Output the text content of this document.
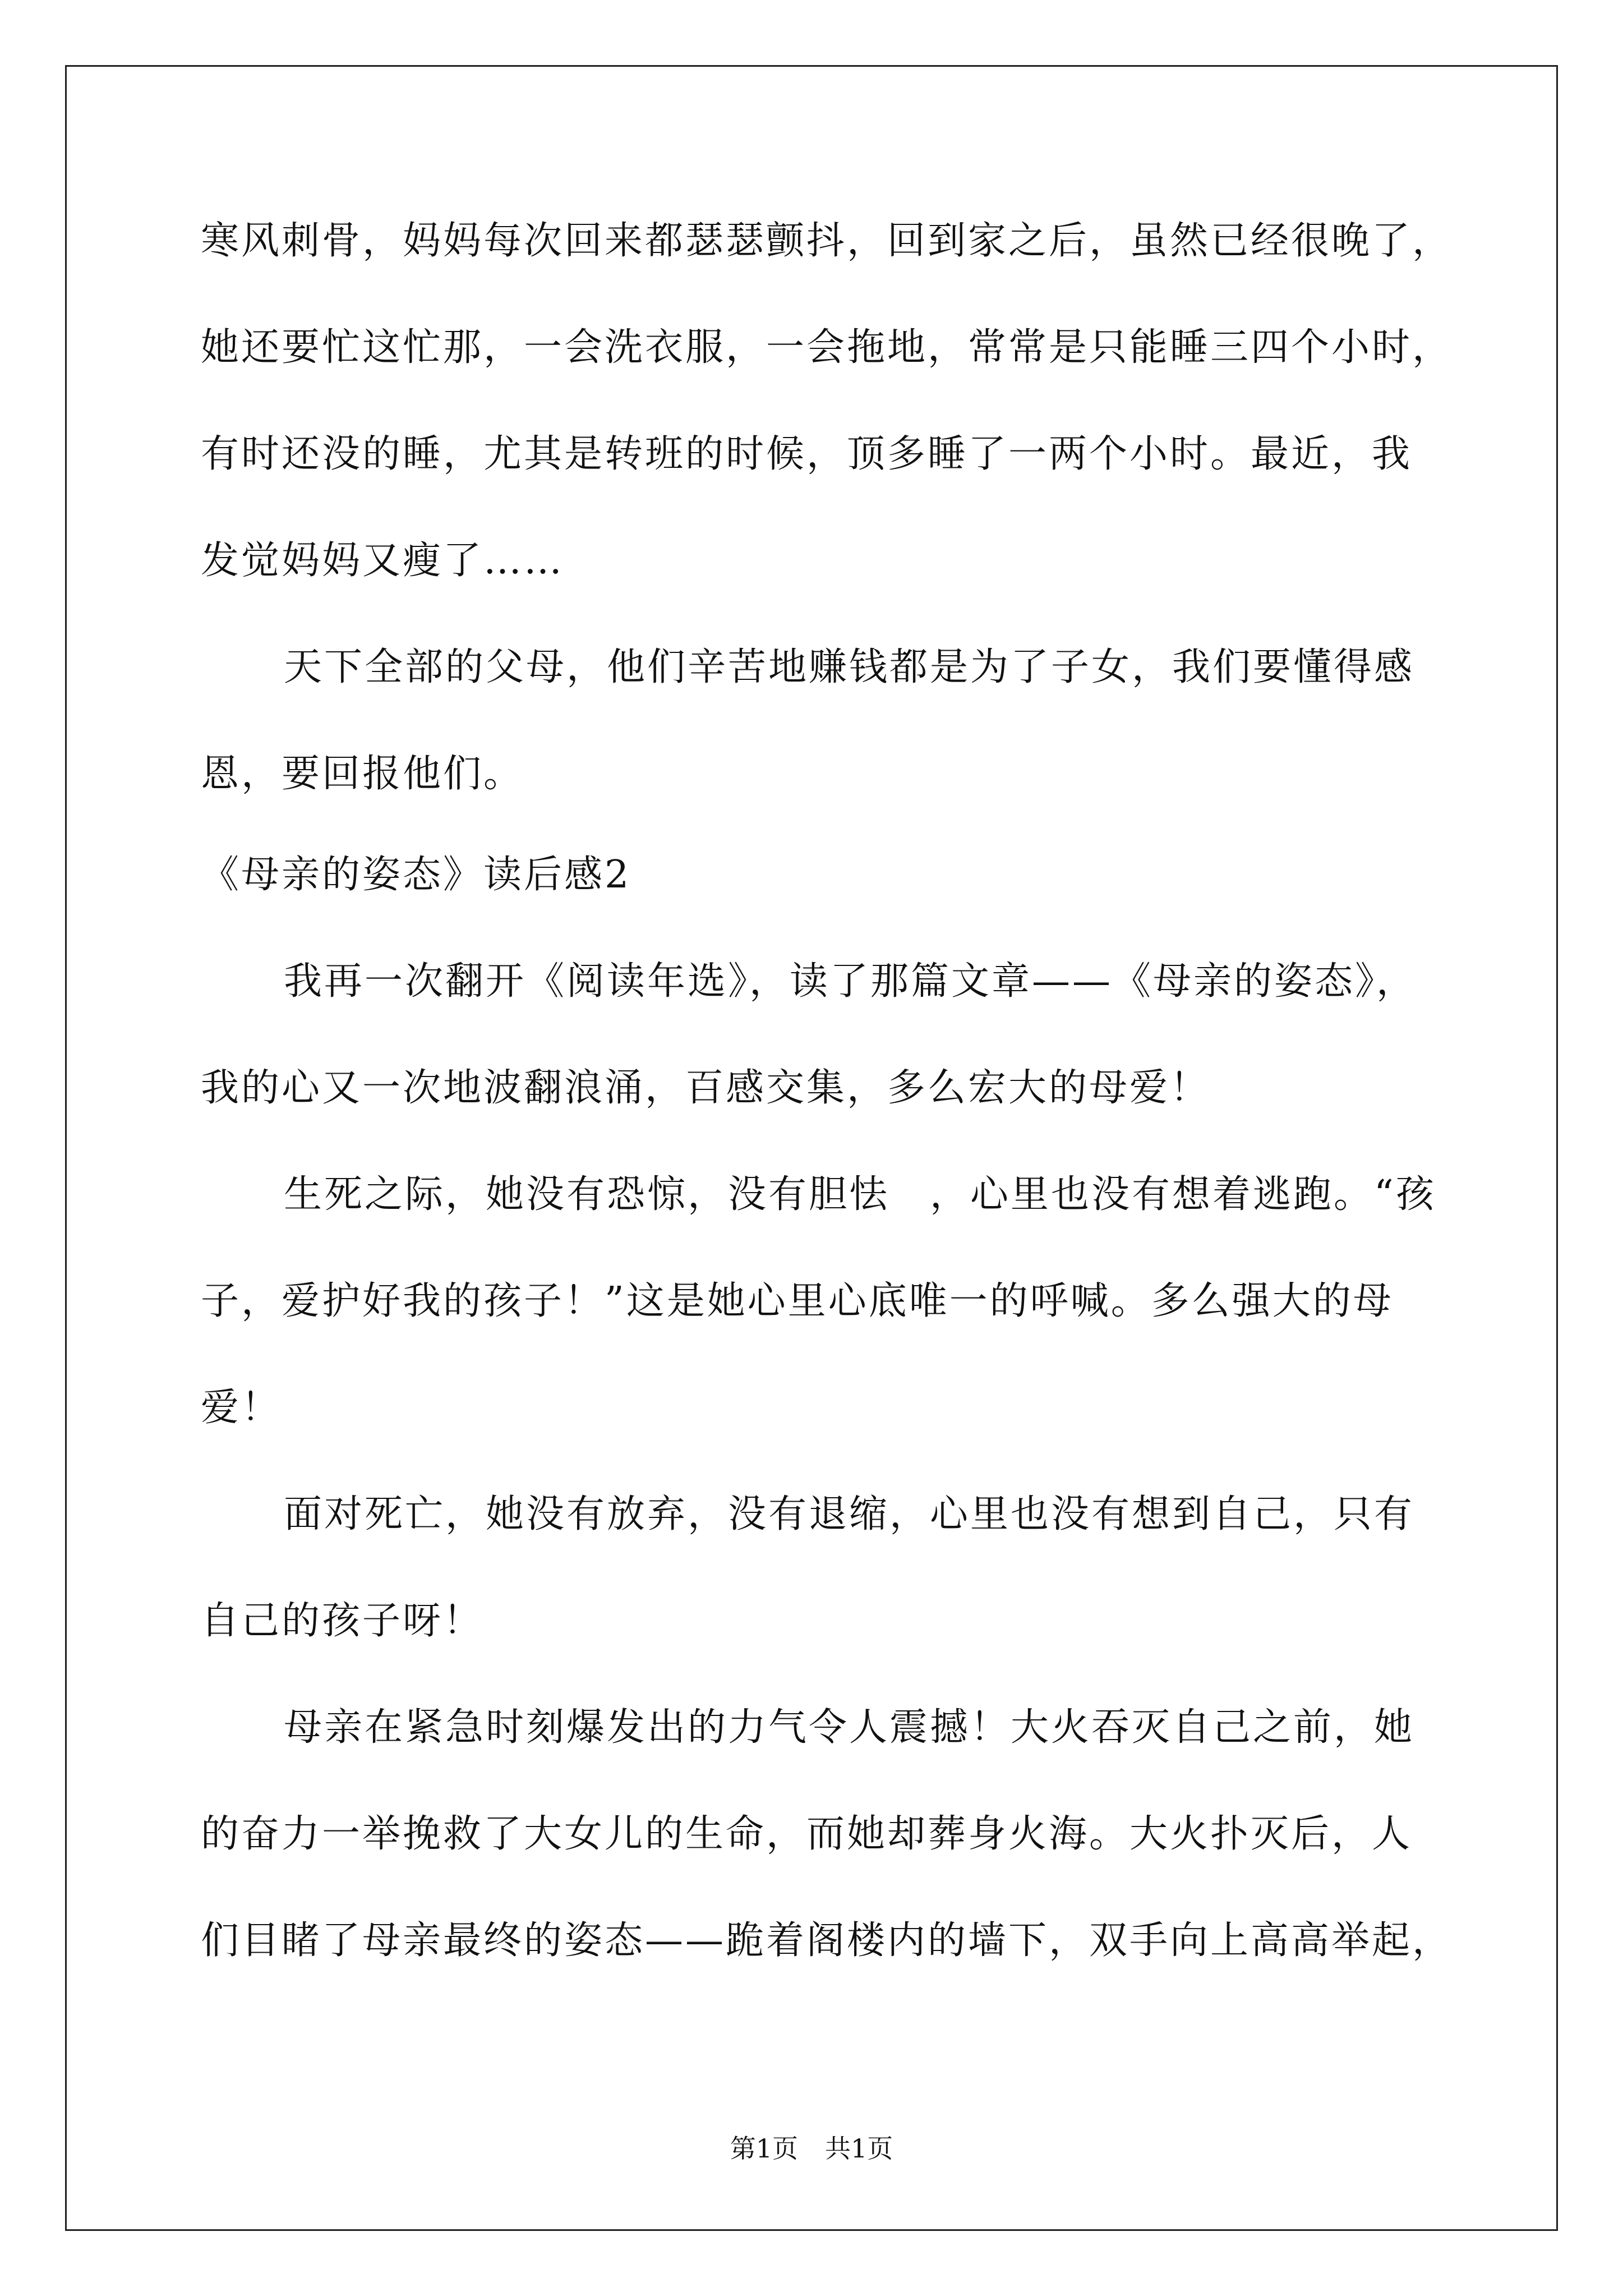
寒风刺骨，妈妈每次回来都瑟瑟颤抖，回到家之后，虽然已经很晚了，
她还要忙这忙那，一会洗衣服，一会拖地，常常是只能睡三四个小时，
有时还没的睡，尤其是转班的时候，顶多睡了一两个小时。最近，我
发觉妈妈又瘦了……
天下全部的父母，他们辛苦地赚钱都是为了子女，我们要懂得感
恩，要回报他们。
《母亲的姿态》读后感2
我再一次翻开《阅读年选》，读了那篇文章——《母亲的姿态》，
我的心又一次地波翻浪涌，百感交集，多么宏大的母爱！
生死之际，她没有恐惊，没有胆怯　，心里也没有想着逃跑。“孩
子，爱护好我的孩子！”这是她心里心底唯一的呼喊。多么强大的母
爱！
面对死亡，她没有放弃，没有退缩，心里也没有想到自己，只有
自己的孩子呀！
母亲在紧急时刻爆发出的力气令人震撼！大火吞灭自己之前，她
的奋力一举挽救了大女儿的生命，而她却葬身火海。大火扑灭后，人
们目睹了母亲最终的姿态——跪着阁楼内的墙下，双手向上高高举起，
第1页 共1页
